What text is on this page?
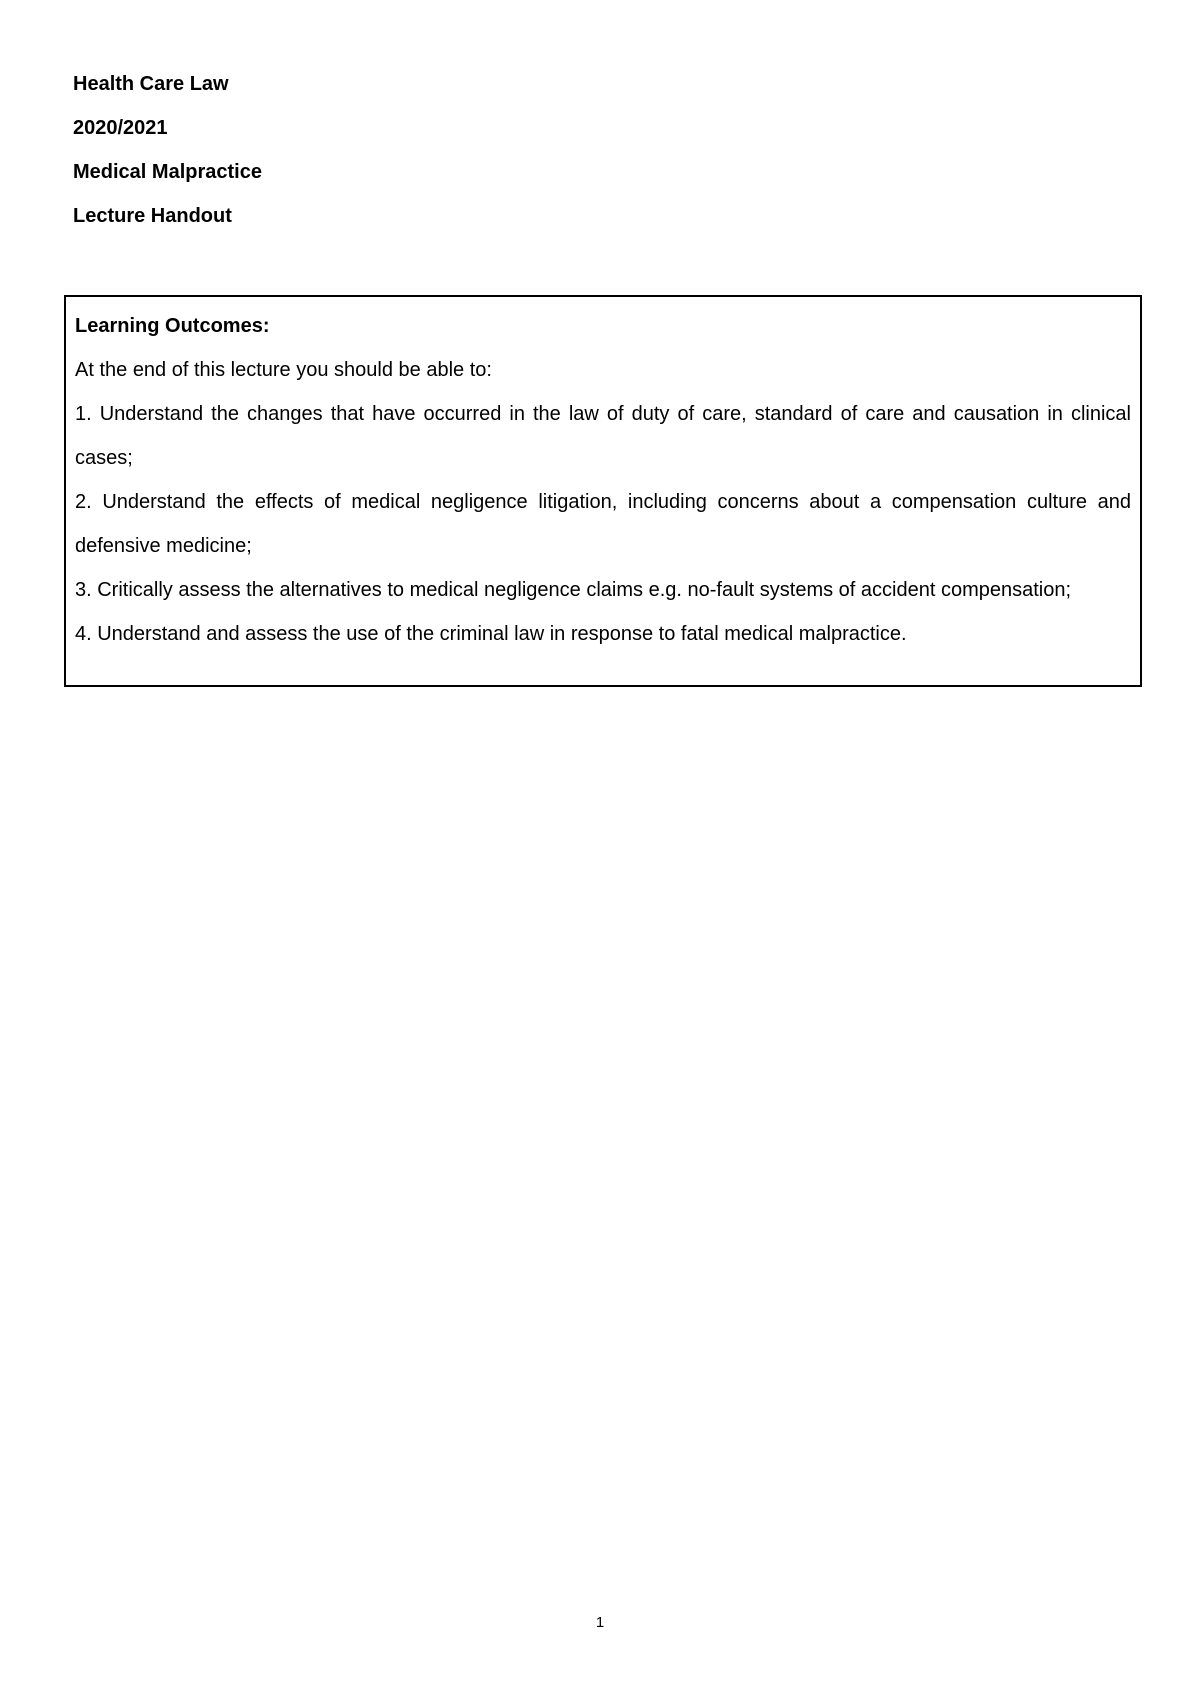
Health Care Law
2020/2021
Medical Malpractice
Lecture Handout
Learning Outcomes:
At the end of this lecture you should be able to:
1. Understand the changes that have occurred in the law of duty of care, standard of care and causation in clinical cases;
2. Understand the effects of medical negligence litigation, including concerns about a compensation culture and defensive medicine;
3. Critically assess the alternatives to medical negligence claims e.g. no-fault systems of accident compensation;
4. Understand and assess the use of the criminal law in response to fatal medical malpractice.
1
